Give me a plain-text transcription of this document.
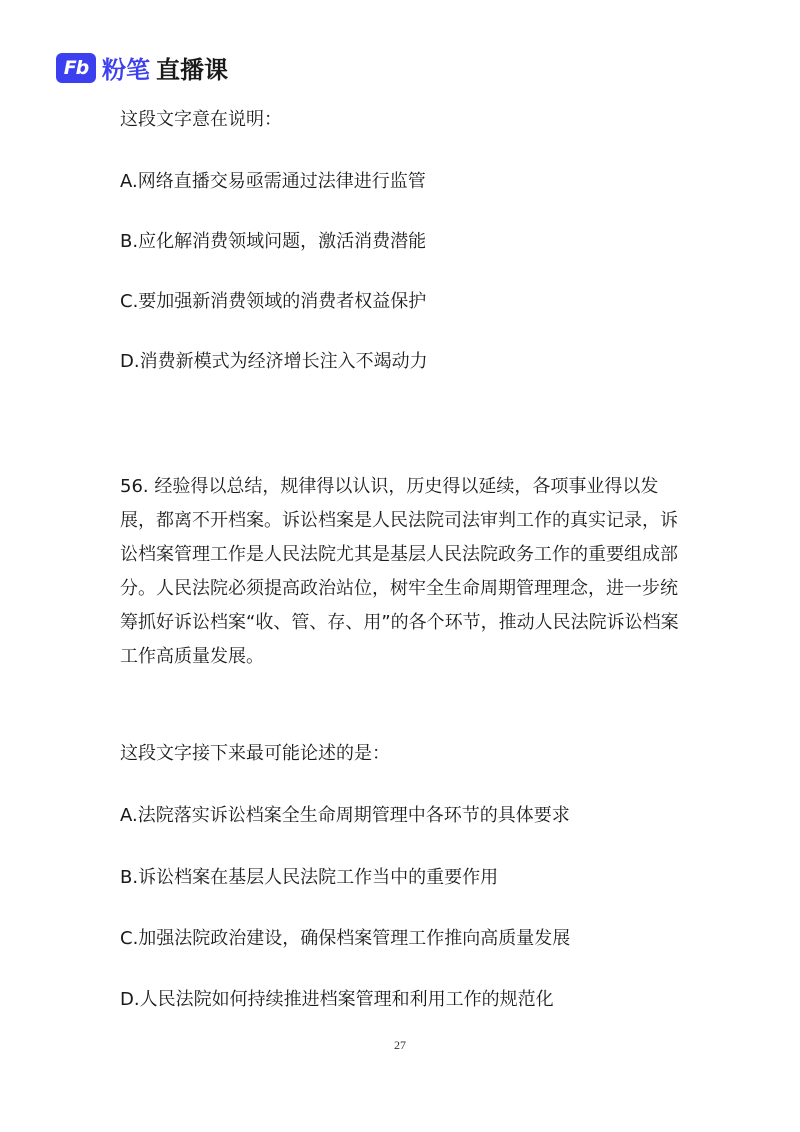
Fb 粉笔 直播课
这段文字意在说明：
A.网络直播交易亟需通过法律进行监管
B.应化解消费领域问题，激活消费潜能
C.要加强新消费领域的消费者权益保护
D.消费新模式为经济增长注入不竭动力

56. 经验得以总结，规律得以认识，历史得以延续，各项事业得以发展，都离不开档案。诉讼档案是人民法院司法审判工作的真实记录，诉讼档案管理工作是人民法院尤其是基层人民法院政务工作的重要组成部分。人民法院必须提高政治站位，树牢全生命周期管理理念，进一步统筹抓好诉讼档案“收、管、存、用”的各个环节，推动人民法院诉讼档案工作高质量发展。

这段文字接下来最可能论述的是：
A.法院落实诉讼档案全生命周期管理中各环节的具体要求
B.诉讼档案在基层人民法院工作当中的重要作用
C.加强法院政治建设，确保档案管理工作推向高质量发展
D.人民法院如何持续推进档案管理和利用工作的规范化
27
